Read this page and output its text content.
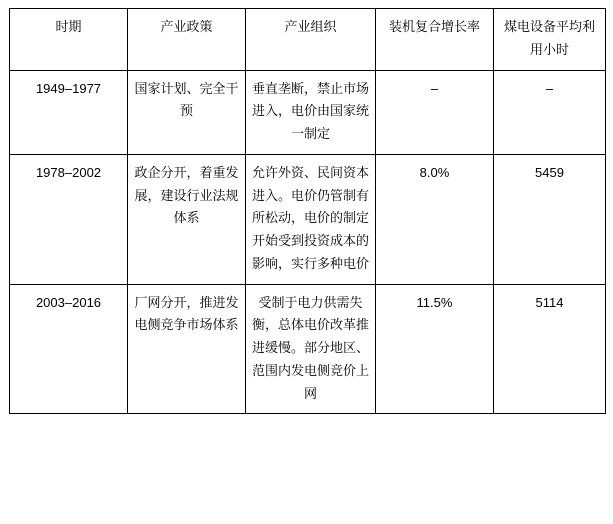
时期	产业政策	产业组织	装机复合增长率	煤电设备平均利用小时
1949–1977	国家计划、完全干预	垂直垄断，禁止市场进入，电价由国家统一制定	–	–
1978–2002	政企分开，着重发展，建设行业法规体系	允许外资、民间资本进入。电价仍管制有所松动，电价的制定开始受到投资成本的影响，实行多种电价	8.0%	5459
2003–2016	厂网分开，推进发电侧竞争市场体系	受制于电力供需失衡，总体电价改革推进缓慢。部分地区、范围内发电侧竞价上网	11.5%	5114
